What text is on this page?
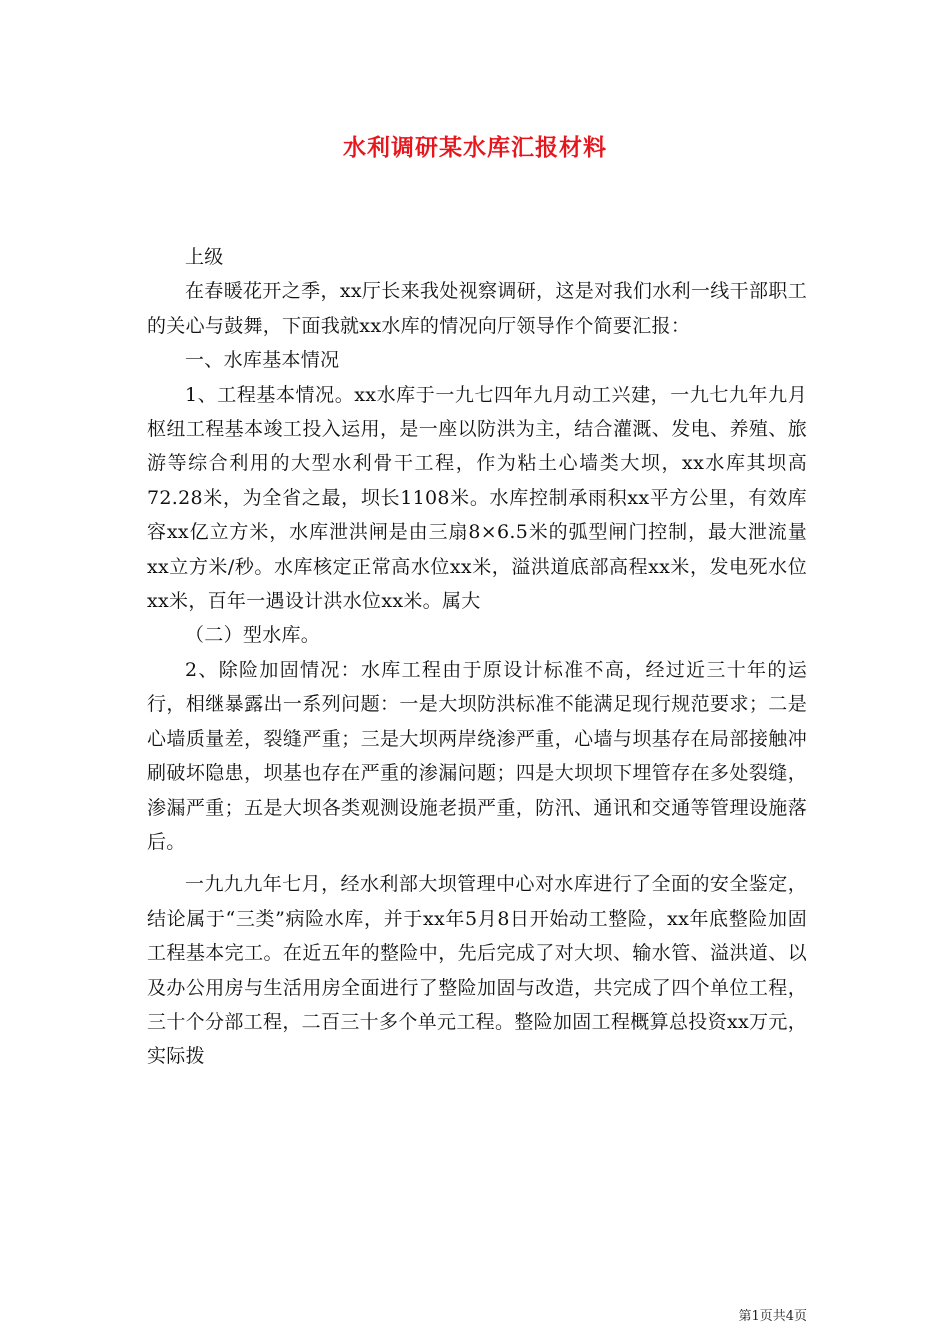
水利调研某水库汇报材料

上级

在春暖花开之季，xx厅长来我处视察调研，这是对我们水利一线干部职工的关心与鼓舞，下面我就xx水库的情况向厅领导作个简要汇报：

一、水库基本情况

1、工程基本情况。xx水库于一九七四年九月动工兴建，一九七九年九月枢纽工程基本竣工投入运用，是一座以防洪为主，结合灌溉、发电、养殖、旅游等综合利用的大型水利骨干工程，作为粘土心墙类大坝，xx水库其坝高72.28米，为全省之最，坝长1108米。水库控制承雨积xx平方公里，有效库容xx亿立方米，水库泄洪闸是由三扇8×6.5米的弧型闸门控制，最大泄流量xx立方米/秒。水库核定正常高水位xx米，溢洪道底部高程xx米，发电死水位xx米，百年一遇设计洪水位xx米。属大

（二）型水库。

2、除险加固情况：水库工程由于原设计标准不高，经过近三十年的运行，相继暴露出一系列问题：一是大坝防洪标准不能满足现行规范要求；二是心墙质量差，裂缝严重；三是大坝两岸绕渗严重，心墙与坝基存在局部接触冲刷破坏隐患，坝基也存在严重的渗漏问题；四是大坝坝下埋管存在多处裂缝，渗漏严重；五是大坝各类观测设施老损严重，防汛、通讯和交通等管理设施落后。

一九九九年七月，经水利部大坝管理中心对水库进行了全面的安全鉴定，结论属于“三类”病险水库，并于xx年5月8日开始动工整险，xx年底整险加固工程基本完工。在近五年的整险中，先后完成了对大坝、输水管、溢洪道、以及办公用房与生活用房全面进行了整险加固与改造，共完成了四个单位工程，三十个分部工程，二百三十多个单元工程。整险加固工程概算总投资xx万元，实际拨

第1页共4页
